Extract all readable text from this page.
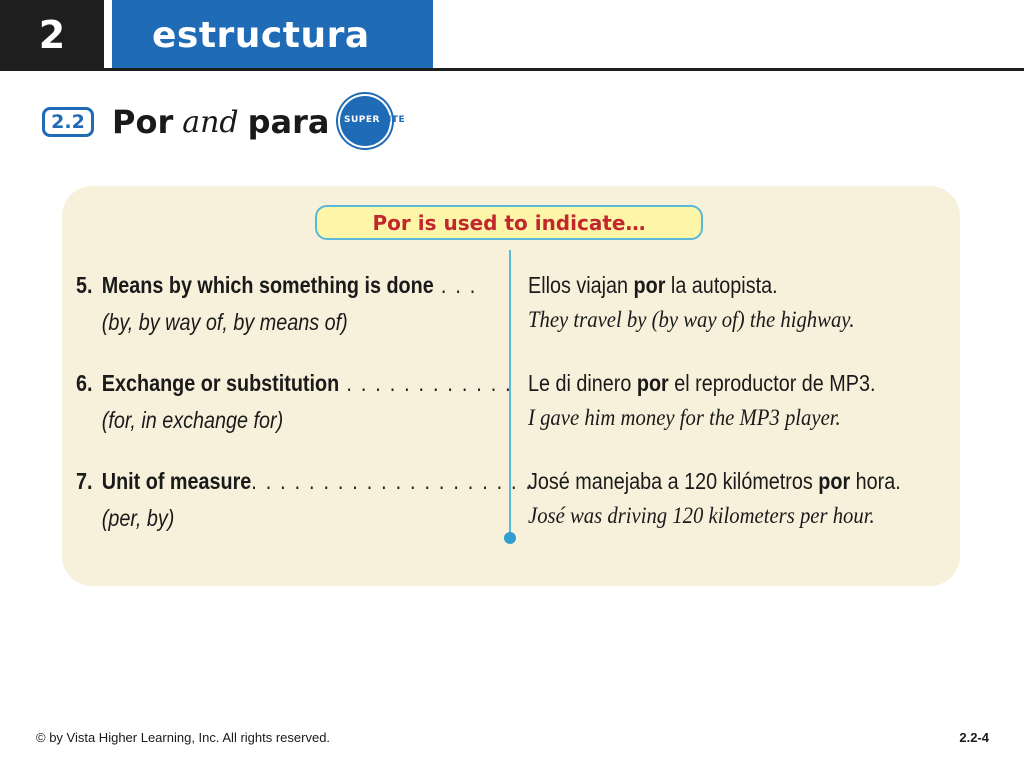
2	estructura
2.2 Por and para SUPERSITE
Por is used to indicate…
5. Means by which something is done . . .
(by, by way of, by means of)
Ellos viajan por la autopista.
They travel by (by way of) the highway.
6. Exchange or substitution . . . . . . . . . . . .
(for, in exchange for)
Le di dinero por el reproductor de MP3.
I gave him money for the MP3 player.
7. Unit of measure. . . . . . . . . . . . . . . . . . . .
(per, by)
José manejaba a 120 kilómetros por hora.
José was driving 120 kilometers per hour.
© by Vista Higher Learning, Inc. All rights reserved.	2.2-4
